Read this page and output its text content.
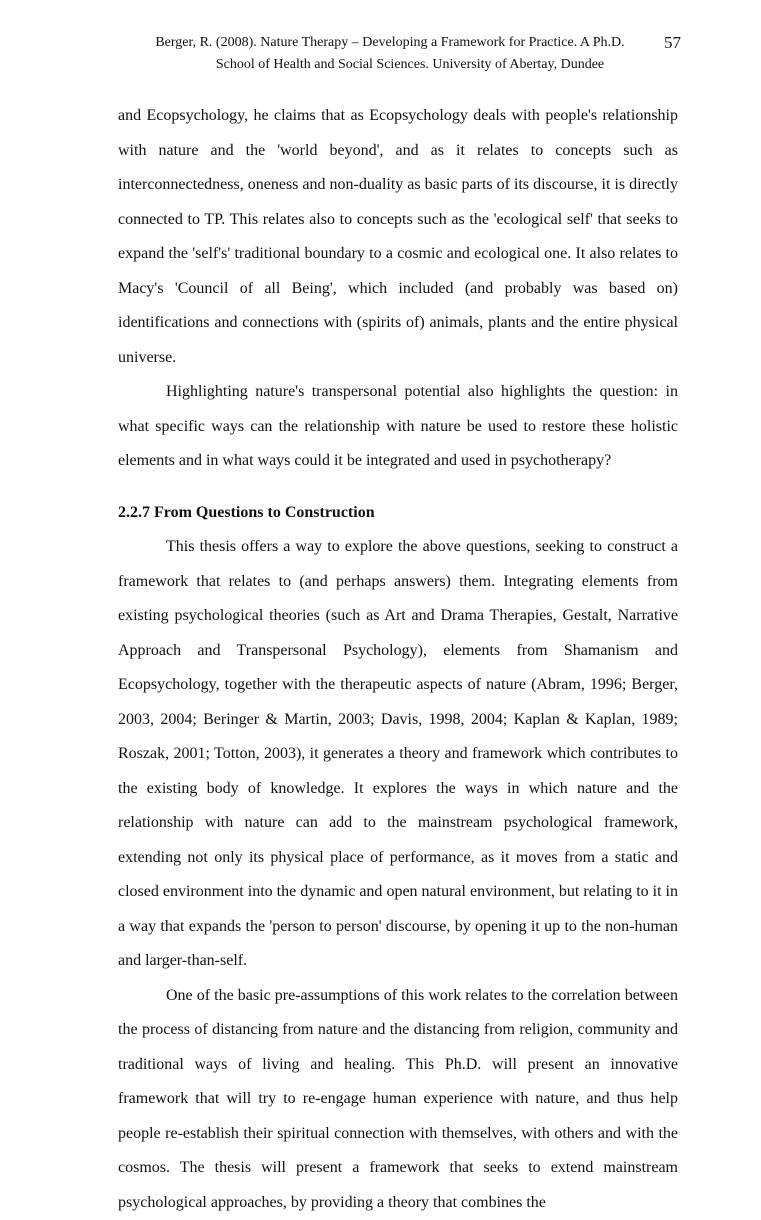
Berger, R. (2008). Nature Therapy – Developing a Framework for Practice. A Ph.D.
School of Health and Social Sciences. University of Abertay, Dundee
57

and Ecopsychology, he claims that as Ecopsychology deals with people's relationship with nature and the 'world beyond', and as it relates to concepts such as interconnectedness, oneness and non-duality as basic parts of its discourse, it is directly connected to TP. This relates also to concepts such as the 'ecological self' that seeks to expand the 'self's' traditional boundary to a cosmic and ecological one. It also relates to Macy's 'Council of all Being', which included (and probably was based on) identifications and connections with (spirits of) animals, plants and the entire physical universe.

Highlighting nature's transpersonal potential also highlights the question: in what specific ways can the relationship with nature be used to restore these holistic elements and in what ways could it be integrated and used in psychotherapy?

2.2.7 From Questions to Construction

This thesis offers a way to explore the above questions, seeking to construct a framework that relates to (and perhaps answers) them. Integrating elements from existing psychological theories (such as Art and Drama Therapies, Gestalt, Narrative Approach and Transpersonal Psychology), elements from Shamanism and Ecopsychology, together with the therapeutic aspects of nature (Abram, 1996; Berger, 2003, 2004; Beringer & Martin, 2003; Davis, 1998, 2004; Kaplan & Kaplan, 1989; Roszak, 2001; Totton, 2003), it generates a theory and framework which contributes to the existing body of knowledge. It explores the ways in which nature and the relationship with nature can add to the mainstream psychological framework, extending not only its physical place of performance, as it moves from a static and closed environment into the dynamic and open natural environment, but relating to it in a way that expands the 'person to person' discourse, by opening it up to the non-human and larger-than-self.

One of the basic pre-assumptions of this work relates to the correlation between the process of distancing from nature and the distancing from religion, community and traditional ways of living and healing. This Ph.D. will present an innovative framework that will try to re-engage human experience with nature, and thus help people re-establish their spiritual connection with themselves, with others and with the cosmos. The thesis will present a framework that seeks to extend mainstream psychological approaches, by providing a theory that combines the
